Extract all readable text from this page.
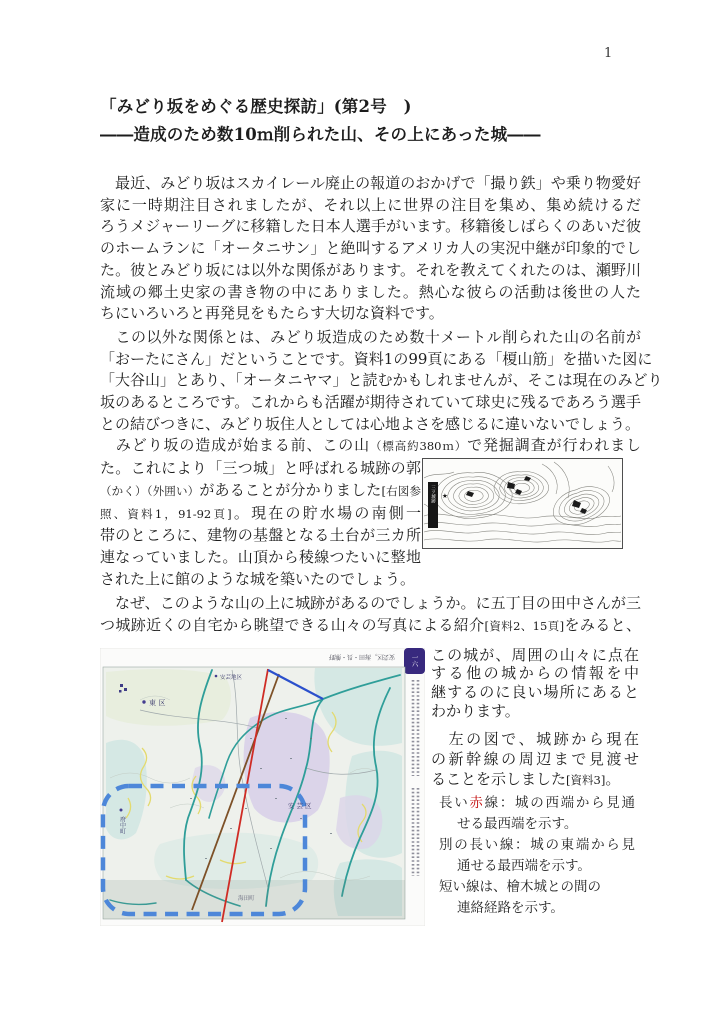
1
「みどり坂をめぐる歴史探訪」(第2号　)
――造成のため数10ｍ削られた山、その上にあった城――
　最近、みどり坂はスカイレール廃止の報道のおかげで「撮り鉄」や乗り物愛好
家に一時期注目されましたが、それ以上に世界の注目を集め、集め続けるだ
ろうメジャーリーグに移籍した日本人選手がいます。移籍後しばらくのあいだ彼
のホームランに「オータニサン」と絶叫するアメリカ人の実況中継が印象的でし
た。彼とみどり坂には以外な関係があります。それを教えてくれたのは、瀬野川
流域の郷土史家の書き物の中にありました。熱心な彼らの活動は後世の人た
ちにいろいろと再発見をもたらす大切な資料です。
　この以外な関係とは、みどり坂造成のため数十メートル削られた山の名前が
「おーたにさん」だということです。資料1の99頁にある「榎山筋」を描いた図に
「大谷山」とあり、「オータニヤマ」と読むかもしれませんが、そこは現在のみどり
坂のあるところです。これからも活躍が期待されていて球史に残るであろう選手
との結びつきに、みどり坂住人としては心地よさを感じるに違いないでしょう。
　みどり坂の造成が始まる前、この山（標高約380ｍ）で発掘調査が行われまし
た。これにより「三つ城」と呼ばれる城跡の郭
（かく）（外囲い）があることが分かりました[右図参
照、資料1，91-92頁]。現在の貯水場の南側一
帯のところに、建物の基盤となる土台が三カ所
連なっていました。山頂から稜線つたいに整地
された上に館のような城を築いたのでしょう。
　なぜ、このような山の上に城跡があるのでしょうか。に五丁目の田中さんが三
つ城跡近くの自宅から眺望できる山々の写真による紹介[資料2、15頁]をみると、
三ツ城跡 ★
安芸区，海田・呉・熊野 一六
東区
安芸区
府中町
海田町
安芸地区
この城が、周囲の山々に点在
する他の城からの情報を中
継するのに良い場所にあると
わかります。
　左の図で、城跡から現在
の新幹線の周辺まで見渡せ
ることを示しました[資料3]。
長い赤線：城の西端から見通
せる最西端を示す。
別の長い線：城の東端から見
通せる最西端を示す。
短い線は、檜木城との間の
連絡経路を示す。
